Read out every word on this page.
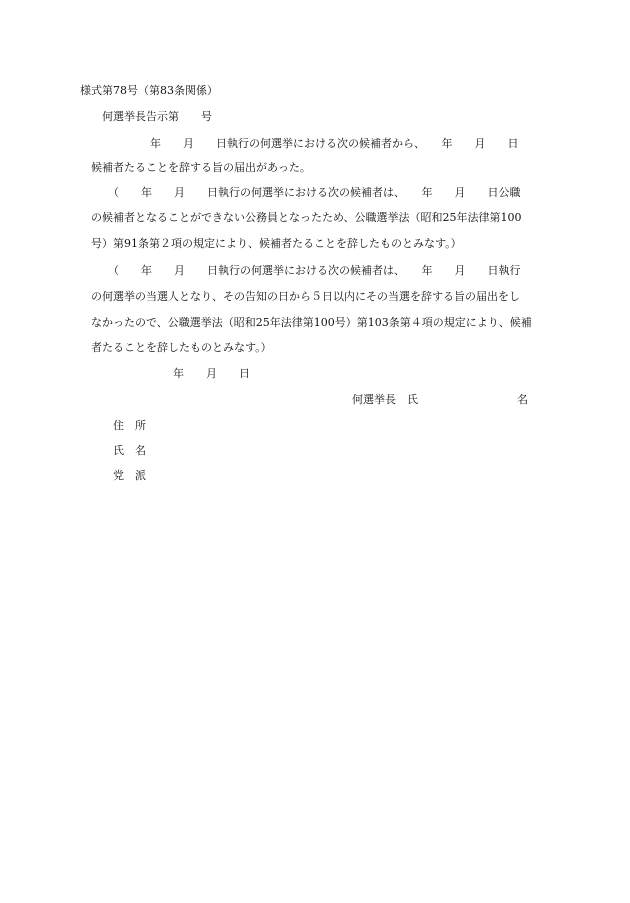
様式第78号（第83条関係）
何選挙長告示第　　号
年　　月　　日執行の何選挙における次の候補者から、　　年　　月　　日
候補者たることを辞する旨の届出があった。
（　　年　　月　　日執行の何選挙における次の候補者は、　　年　　月　　日公職
の候補者となることができない公務員となったため、公職選挙法（昭和25年法律第100
号）第91条第２項の規定により、候補者たることを辞したものとみなす。）
（　　年　　月　　日執行の何選挙における次の候補者は、　　年　　月　　日執行
の何選挙の当選人となり、その告知の日から５日以内にその当選を辞する旨の届出をし
なかったので、公職選挙法（昭和25年法律第100号）第103条第４項の規定により、候補
者たることを辞したものとみなす。）
年　　月　　日
何選挙長　氏　　　　　　　　　名
住　所
氏　名
党　派
